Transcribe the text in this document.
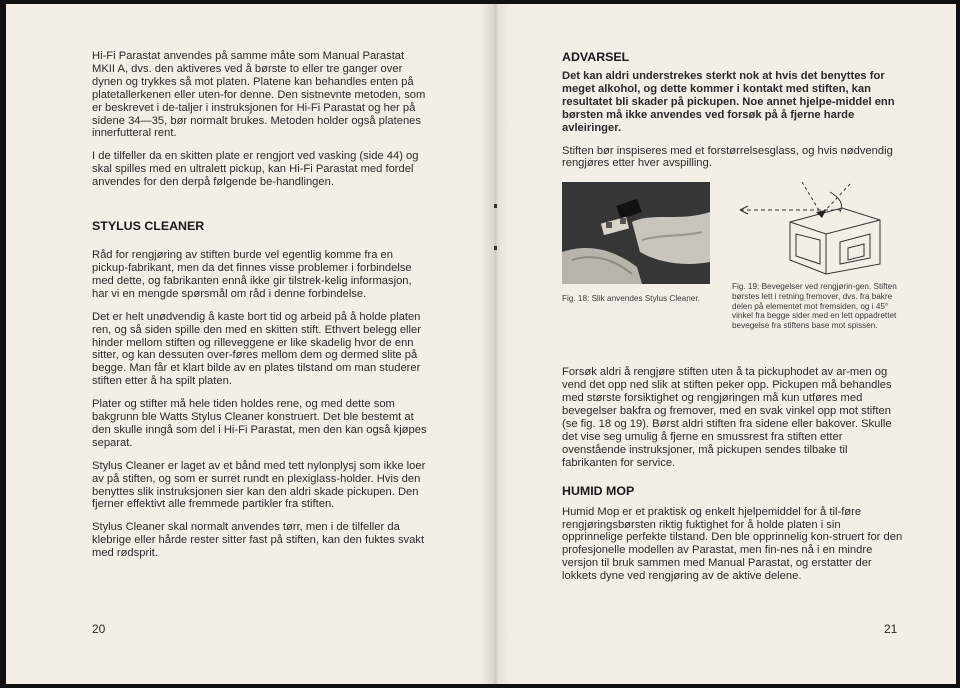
Hi-Fi Parastat anvendes på samme måte som Manual Parastat MKII A, dvs. den aktiveres ved å børste to eller tre ganger over dynen og trykkes så mot platen. Platene kan behandles enten på platetallerkenen eller uten-for denne. Den sistnevnte metoden, som er beskrevet i de-taljer i instruksjonen for Hi-Fi Parastat og her på sidene 34—35, bør normalt brukes. Metoden holder også platenes innerfutteral rent.

I de tilfeller da en skitten plate er rengjort ved vasking (side 44) og skal spilles med en ultralett pickup, kan Hi-Fi Parastat med fordel anvendes for den derpå følgende be-handlingen.

STYLUS CLEANER

Råd for rengjøring av stiften burde vel egentlig komme fra en pickup-fabrikant, men da det finnes visse problemer i forbindelse med dette, og fabrikanten ennå ikke gir tilstrek-kelig informasjon, har vi en mengde spørsmål om råd i denne forbindelse.

Det er helt unødvendig å kaste bort tid og arbeid på å holde platen ren, og så siden spille den med en skitten stift. Ethvert belegg eller hinder mellom stiften og rilleveggene er like skadelig hvor de enn sitter, og kan dessuten over-føres mellom dem og dermed slite på begge. Man får et klart bilde av en plates tilstand om man studerer stiften etter å ha spilt platen.

Plater og stifter må hele tiden holdes rene, og med dette som bakgrunn ble Watts Stylus Cleaner konstruert. Det ble bestemt at den skulle inngå som del i Hi-Fi Parastat, men den kan også kjøpes separat.

Stylus Cleaner er laget av et bånd med tett nylonplysj som ikke loer av på stiften, og som er surret rundt en plexiglass-holder. Hvis den benyttes slik instruksjonen sier kan den aldri skade pickupen. Den fjerner effektivt alle fremmede partikler fra stiften.

Stylus Cleaner skal normalt anvendes tørr, men i de tilfeller da klebrige eller hårde rester sitter fast på stiften, kan den fuktes svakt med rødsprit.

20
ADVARSEL

Det kan aldri understrekes sterkt nok at hvis det benyttes for meget alkohol, og dette kommer i kontakt med stiften, kan resultatet bli skader på pickupen. Noe annet hjelpe-middel enn børsten må ikke anvendes ved forsøk på å fjerne harde avleiringer.

Stiften bør inspiseres med et forstørrelsesglass, og hvis nødvendig rengjøres etter hver avspilling.

Fig. 18: Slik anvendes Stylus Cleaner.
Fig. 19: Bevegelser ved rengjørin-gen. Stiften børstes lett i retning fremover, dvs. fra bakre delen på elementet mot fremsiden, og i 45° vinkel fra begge sider med en lett oppadrettet bevegelse fra stiftens base mot spissen.

Forsøk aldri å rengjøre stiften uten å ta pickuphodet av ar-men og vend det opp ned slik at stiften peker opp. Pickupen må behandles med største forsiktighet og rengjøringen må kun utføres med bevegelser bakfra og fremover, med en svak vinkel opp mot stiften (se fig. 18 og 19). Børst aldri stiften fra sidene eller bakover. Skulle det vise seg umulig å fjerne en smussrest fra stiften etter ovenstående instruksjoner, må pickupen sendes tilbake til fabrikanten for service.

HUMID MOP

Humid Mop er et praktisk og enkelt hjelpemiddel for å til-føre rengjøringsbørsten riktig fuktighet for å holde platen i sin opprinnelige perfekte tilstand. Den ble opprinnelig kon-struert for den profesjonelle modellen av Parastat, men fin-nes nå i en mindre versjon til bruk sammen med Manual Parastat, og erstatter der lokkets dyne ved rengjøring av de aktive delene.

21
